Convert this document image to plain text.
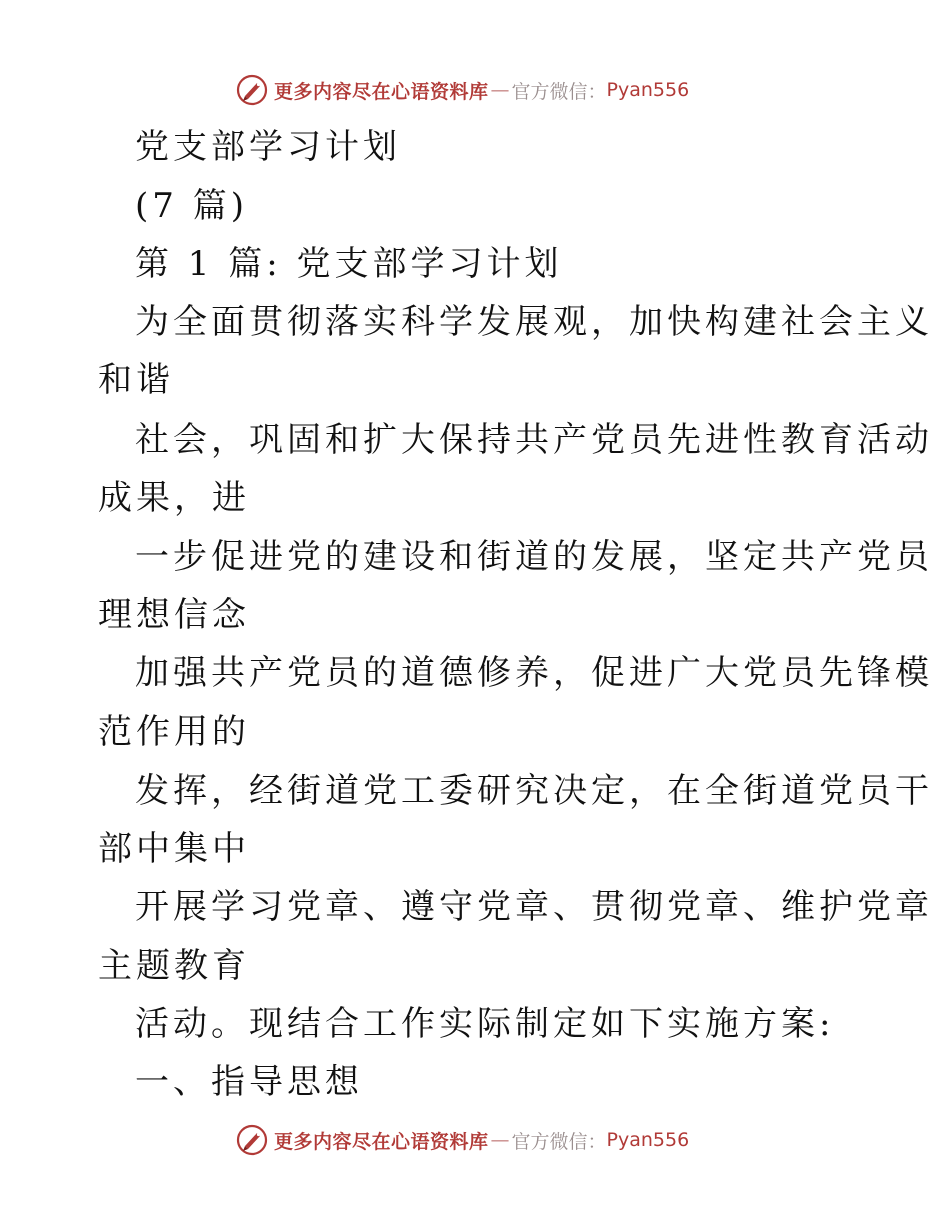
更多内容尽在心语资料库 — 官方微信： Pyan556
党支部学习计划
(7 篇)
第 1 篇: 党支部学习计划
为全面贯彻落实科学发展观，加快构建社会主义
和谐
社会，巩固和扩大保持共产党员先进性教育活动
成果，进
一步促进党的建设和街道的发展，坚定共产党员
理想信念
加强共产党员的道德修养，促进广大党员先锋模
范作用的
发挥，经街道党工委研究决定，在全街道党员干
部中集中
开展学习党章、遵守党章、贯彻党章、维护党章
主题教育
活动。现结合工作实际制定如下实施方案:
一、指导思想
更多内容尽在心语资料库 — 官方微信： Pyan556
